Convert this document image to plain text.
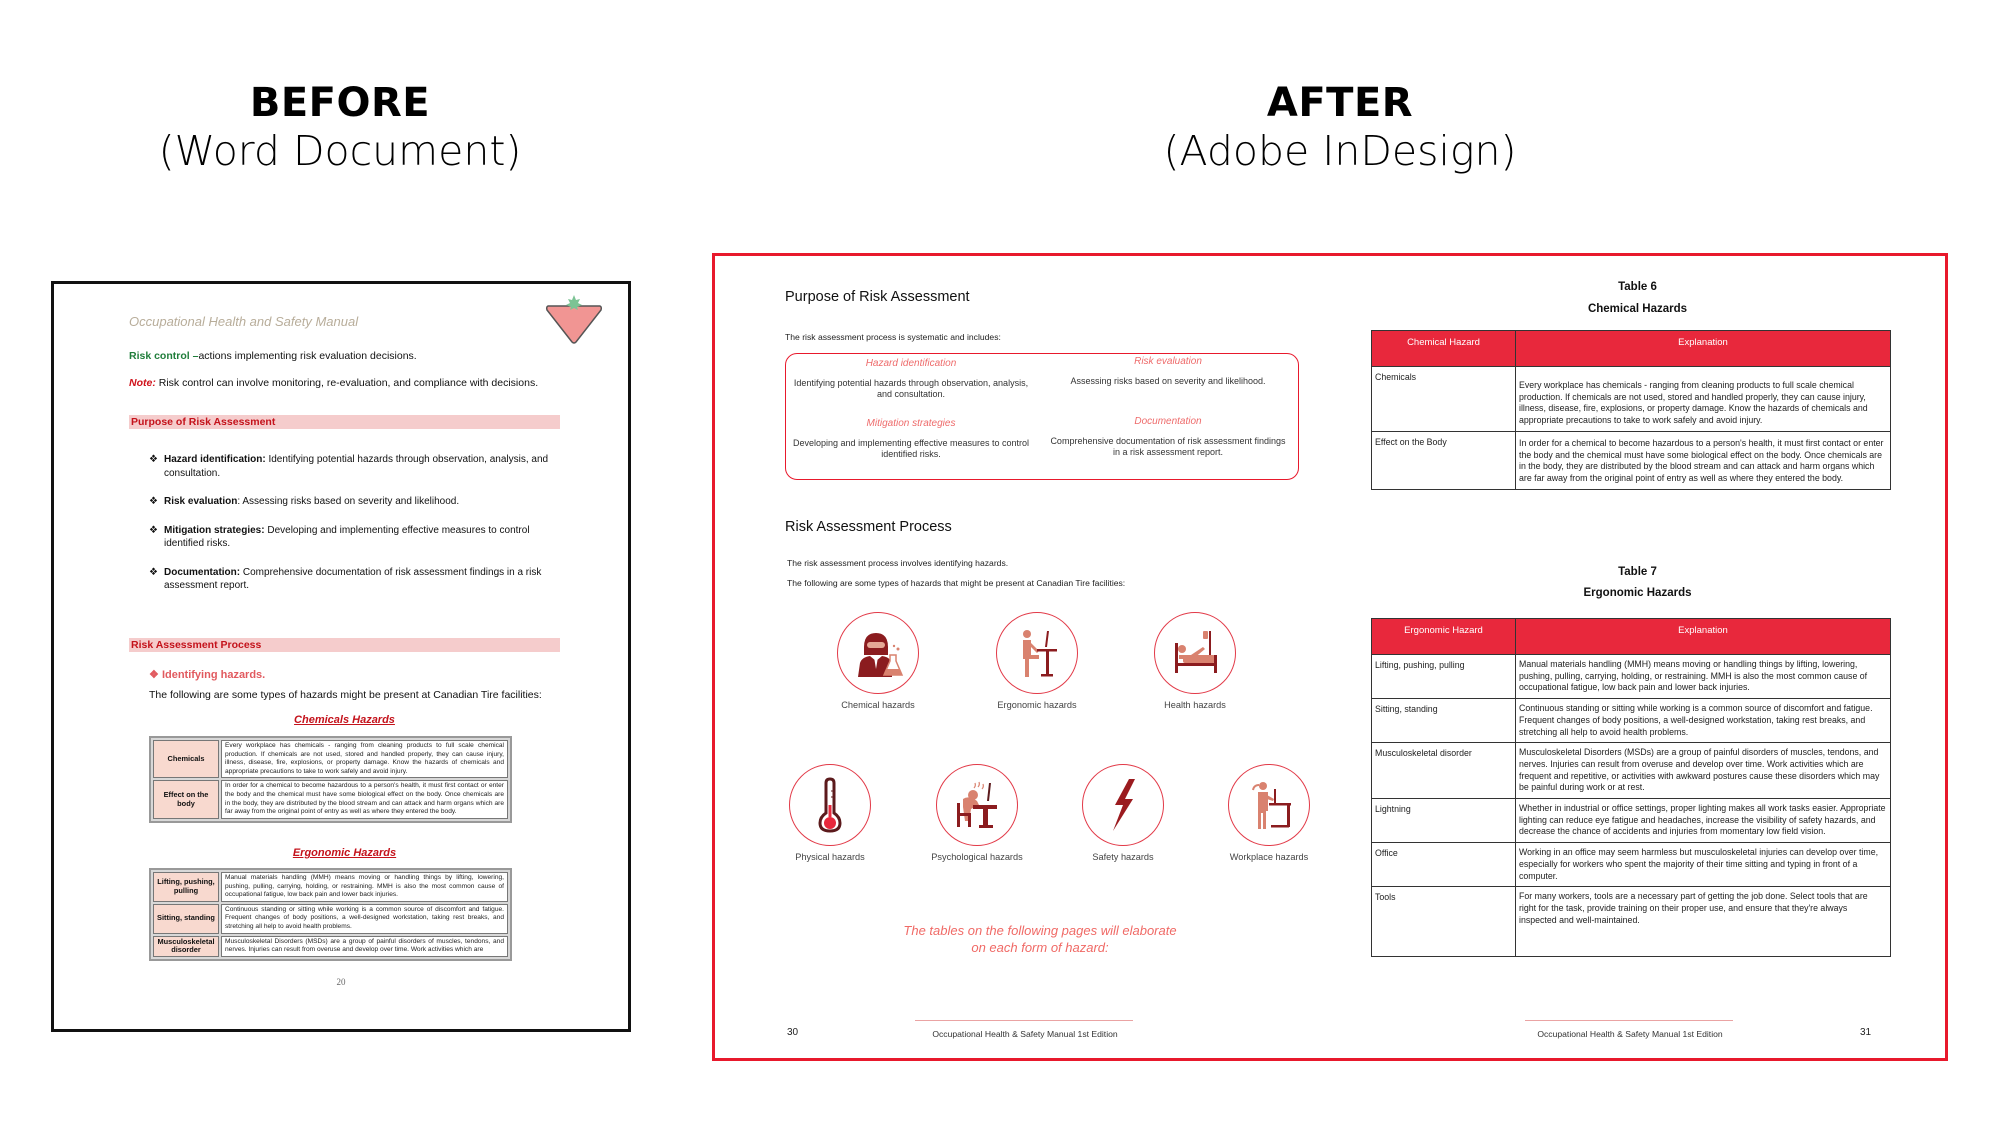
BEFORE
(Word Document)
AFTER
(Adobe InDesign)
Occupational Health and Safety Manual
Risk control –actions implementing risk evaluation decisions.
Note: Risk control can involve monitoring, re-evaluation, and compliance with decisions.
Purpose of Risk Assessment
❖ Hazard identification: Identifying potential hazards through observation, analysis, and consultation.
❖ Risk evaluation: Assessing risks based on severity and likelihood.
❖ Mitigation strategies: Developing and implementing effective measures to control identified risks.
❖ Documentation: Comprehensive documentation of risk assessment findings in a risk assessment report.
Risk Assessment Process
❖ Identifying hazards.
The following are some types of hazards might be present at Canadian Tire facilities:
Chemicals Hazards
Chemicals	Every workplace has chemicals - ranging from cleaning products to full scale chemical production. If chemicals are not used, stored and handled properly, they can cause injury, illness, disease, fire, explosions, or property damage. Know the hazards of chemicals and appropriate precautions to take to work safely and avoid injury.
Effect on the body	In order for a chemical to become hazardous to a person's health, it must first contact or enter the body and the chemical must have some biological effect on the body. Once chemicals are in the body, they are distributed by the blood stream and can attack and harm organs which are far away from the original point of entry as well as where they entered the body.
Ergonomic Hazards
Lifting, pushing, pulling	Manual materials handling (MMH) means moving or handling things by lifting, lowering, pushing, pulling, carrying, holding, or restraining. MMH is also the most common cause of occupational fatigue, low back pain and lower back injuries.
Sitting, standing	Continuous standing or sitting while working is a common source of discomfort and fatigue. Frequent changes of body positions, a well-designed workstation, taking rest breaks, and stretching all help to avoid health problems.
Musculoskeletal disorder	Musculoskeletal Disorders (MSDs) are a group of painful disorders of muscles, tendons, and nerves. Injuries can result from overuse and develop over time. Work activities which are
20
Purpose of Risk Assessment
The risk assessment process is systematic and includes:
Hazard identification
Identifying potential hazards through observation, analysis, and consultation.
Risk evaluation
Assessing risks based on severity and likelihood.
Mitigation strategies
Developing and implementing effective measures to control identified risks.
Documentation
Comprehensive documentation of risk assessment findings in a risk assessment report.
Risk Assessment Process
The risk assessment process involves identifying hazards.
The following are some types of hazards that might be present at Canadian Tire facilities:
Chemical hazards	Ergonomic hazards	Health hazards
Physical hazards	Psychological hazards	Safety hazards	Workplace hazards
The tables on the following pages will elaborate on each form of hazard:
Occupational Health & Safety Manual 1st Edition
30
Table 6
Chemical Hazards
Chemical Hazard	Explanation
Chemicals	Every workplace has chemicals - ranging from cleaning products to full scale chemical production. If chemicals are not used, stored and handled properly, they can cause injury, illness, disease, fire, explosions, or property damage. Know the hazards of chemicals and appropriate precautions to take to work safely and avoid injury.
Effect on the Body	In order for a chemical to become hazardous to a person's health, it must first contact or enter the body and the chemical must have some biological effect on the body. Once chemicals are in the body, they are distributed by the blood stream and can attack and harm organs which are far away from the original point of entry as well as where they entered the body.
Table 7
Ergonomic Hazards
Ergonomic Hazard	Explanation
Lifting, pushing, pulling	Manual materials handling (MMH) means moving or handling things by lifting, lowering, pushing, pulling, carrying, holding, or restraining. MMH is also the most common cause of occupational fatigue, low back pain and lower back injuries.
Sitting, standing	Continuous standing or sitting while working is a common source of discomfort and fatigue. Frequent changes of body positions, a well-designed workstation, taking rest breaks, and stretching all help to avoid health problems.
Musculoskeletal disorder	Musculoskeletal Disorders (MSDs) are a group of painful disorders of muscles, tendons, and nerves. Injuries can result from overuse and develop over time. Work activities which are frequent and repetitive, or activities with awkward postures cause these disorders which may be painful during work or at rest.
Lightning	Whether in industrial or office settings, proper lighting makes all work tasks easier. Appropriate lighting can reduce eye fatigue and headaches, increase the visibility of safety hazards, and decrease the chance of accidents and injuries from momentary low field vision.
Office	Working in an office may seem harmless but musculoskeletal injuries can develop over time, especially for workers who spent the majority of their time sitting and typing in front of a computer.
Tools	For many workers, tools are a necessary part of getting the job done. Select tools that are right for the task, provide training on their proper use, and ensure that they're always inspected and well-maintained.
Occupational Health & Safety Manual 1st Edition	31
